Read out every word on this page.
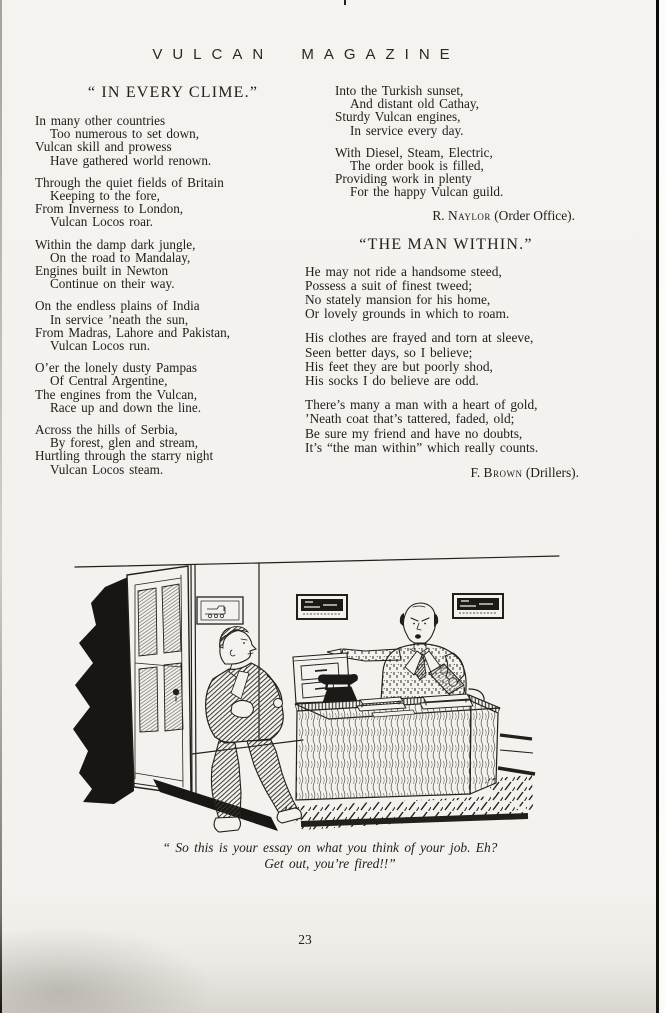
VULCAN MAGAZINE
“ IN EVERY CLIME.”
In many other countries
Too numerous to set down,
Vulcan skill and prowess
Have gathered world renown.
Through the quiet fields of Britain
Keeping to the fore,
From Inverness to London,
Vulcan Locos roar.
Within the damp dark jungle,
On the road to Mandalay,
Engines built in Newton
Continue on their way.
On the endless plains of India
In service ’neath the sun,
From Madras, Lahore and Pakistan,
Vulcan Locos run.
O’er the lonely dusty Pampas
Of Central Argentine,
The engines from the Vulcan,
Race up and down the line.
Across the hills of Serbia,
By forest, glen and stream,
Hurtling through the starry night
Vulcan Locos steam.
Into the Turkish sunset,
And distant old Cathay,
Sturdy Vulcan engines,
In service every day.
With Diesel, Steam, Electric,
The order book is filled,
Providing work in plenty
For the happy Vulcan guild.
R. Naylor (Order Office).
“THE MAN WITHIN.”
He may not ride a handsome steed,
Possess a suit of finest tweed;
No stately mansion for his home,
Or lovely grounds in which to roam.
His clothes are frayed and torn at sleeve,
Seen better days, so I believe;
His feet they are but poorly shod,
His socks I do believe are odd.
There’s many a man with a heart of gold,
’Neath coat that’s tattered, faded, old;
Be sure my friend and have no doubts,
It’s “the man within” which really counts.
F. Brown (Drillers).
“ So this is your essay on what you think of your job. Eh?
Get out, you’re fired!!”
23
